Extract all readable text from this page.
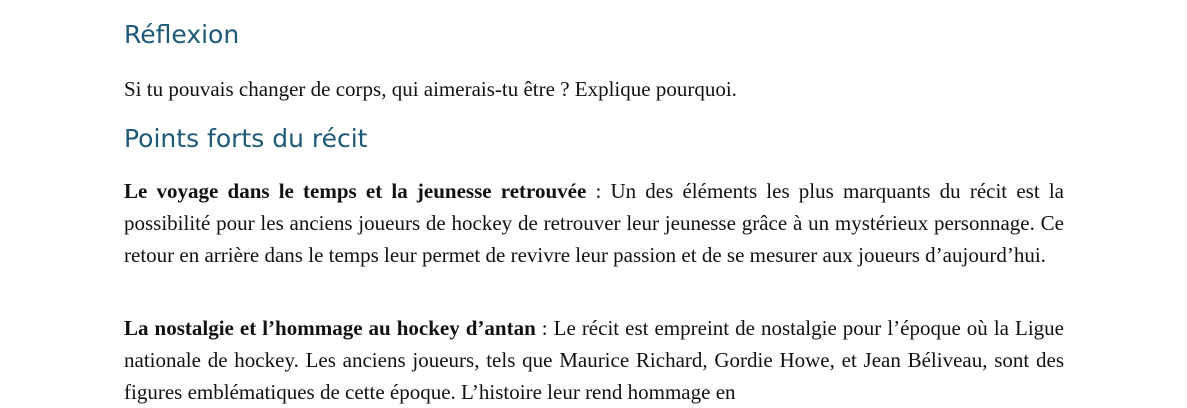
Réflexion

Si tu pouvais changer de corps, qui aimerais-tu être ? Explique pourquoi.

Points forts du récit

Le voyage dans le temps et la jeunesse retrouvée : Un des éléments les plus marquants du récit est la possibilité pour les anciens joueurs de hockey de retrouver leur jeunesse grâce à un mystérieux personnage. Ce retour en arrière dans le temps leur permet de revivre leur passion et de se mesurer aux joueurs d’aujourd’hui.

La nostalgie et l’hommage au hockey d’antan : Le récit est empreint de nostalgie pour l’époque où la Ligue nationale de hockey. Les anciens joueurs, tels que Maurice Richard, Gordie Howe, et Jean Béliveau, sont des figures emblématiques de cette époque. L’histoire leur rend hommage en
